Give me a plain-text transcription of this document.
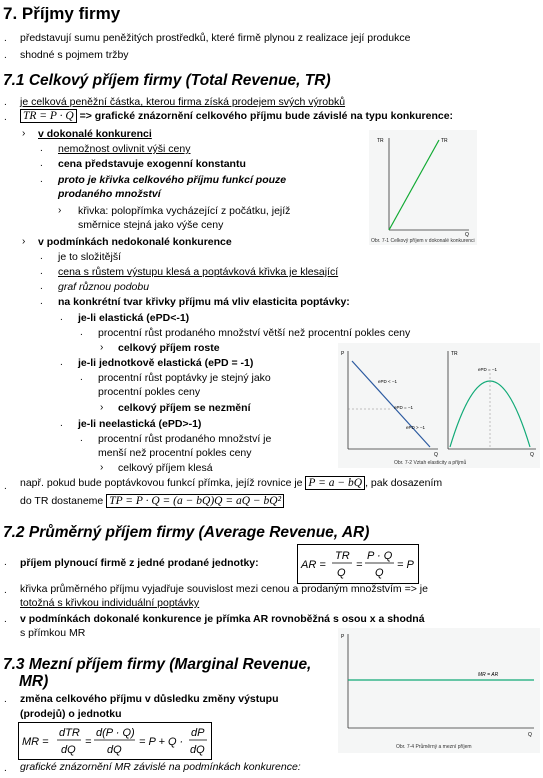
7. Příjmy firmy
. představují sumu peněžitých prostředků, které firmě plynou z realizace její produkce
. shodné s pojmem tržby
7.1 Celkový příjem firmy (Total Revenue, TR)
. je celková peněžní částka, kterou firma získá prodejem svých výrobků
. TR = P · Q => grafické znázornění celkového příjmu bude závislé na typu konkurence:
› v dokonalé konkurenci
. nemožnost ovlivnit výši ceny
. cena představuje exogenní konstantu
. proto je křivka celkového příjmu funkcí pouze
prodaného množství
› křivka: polopřímka vycházející z počátku, jejíž
směrnice stejná jako výše ceny
› v podmínkách nedokonalé konkurence
. je to složitější
. cena s růstem výstupu klesá a poptávková křivka je klesající
. graf různou podobu
. na konkrétní tvar křivky příjmu má vliv elasticita poptávky:
. je-li elastická (ePD<-1)
. procentní růst prodaného množství větší než procentní pokles ceny
› celkový příjem roste
. je-li jednotkově elastická (ePD = -1)
. procentní růst poptávky je stejný jako
procentní pokles ceny
› celkový příjem se nezmění
. je-li neelastická (ePD>-1)
. procentní růst prodaného množství je
menší než procentní pokles ceny
› celkový příjem klesá
. např. pokud bude poptávkovou funkcí přímka, jejíž rovnice je P = a − bQ , pak dosazením
do TR dostaneme TP = P · Q = (a − bQ)Q = aQ − bQ²
7.2 Průměrný příjem firmy (Average Revenue, AR)
. příjem plynoucí firmě z jedné prodané jednotky:	AR =
TR
Q
=
P · Q
Q
= P
. křivka průměrného příjmu vyjadřuje souvislost mezi cenou a prodaným množstvím => je
totožná s křivkou individuální poptávky
. v podmínkách dokonalé konkurence je přímka AR rovnoběžná s osou x a shodná
s přímkou MR
7.3 Mezní příjem firmy (Marginal Revenue,
MR)
. změna celkového příjmu v důsledku změny výstupu
(prodejů) o jednotku
MR =
dTR
dQ
=
d(P · Q)
dQ
= P + Q ·
dP
dQ
. grafické znázornění MR závislé na podmínkách konkurence:
TR	TR
Q
Obr. 7-1 Celkový příjem v dokonalé konkurenci
P
Q
ePD < −1
ePD = −1
ePD > −1
TR
ePD = −1
Q
Obr. 7-2 Vztah elasticity a příjmů
P
Q
MR = AR
Obr. 7-4 Průměrný a mezní příjem
